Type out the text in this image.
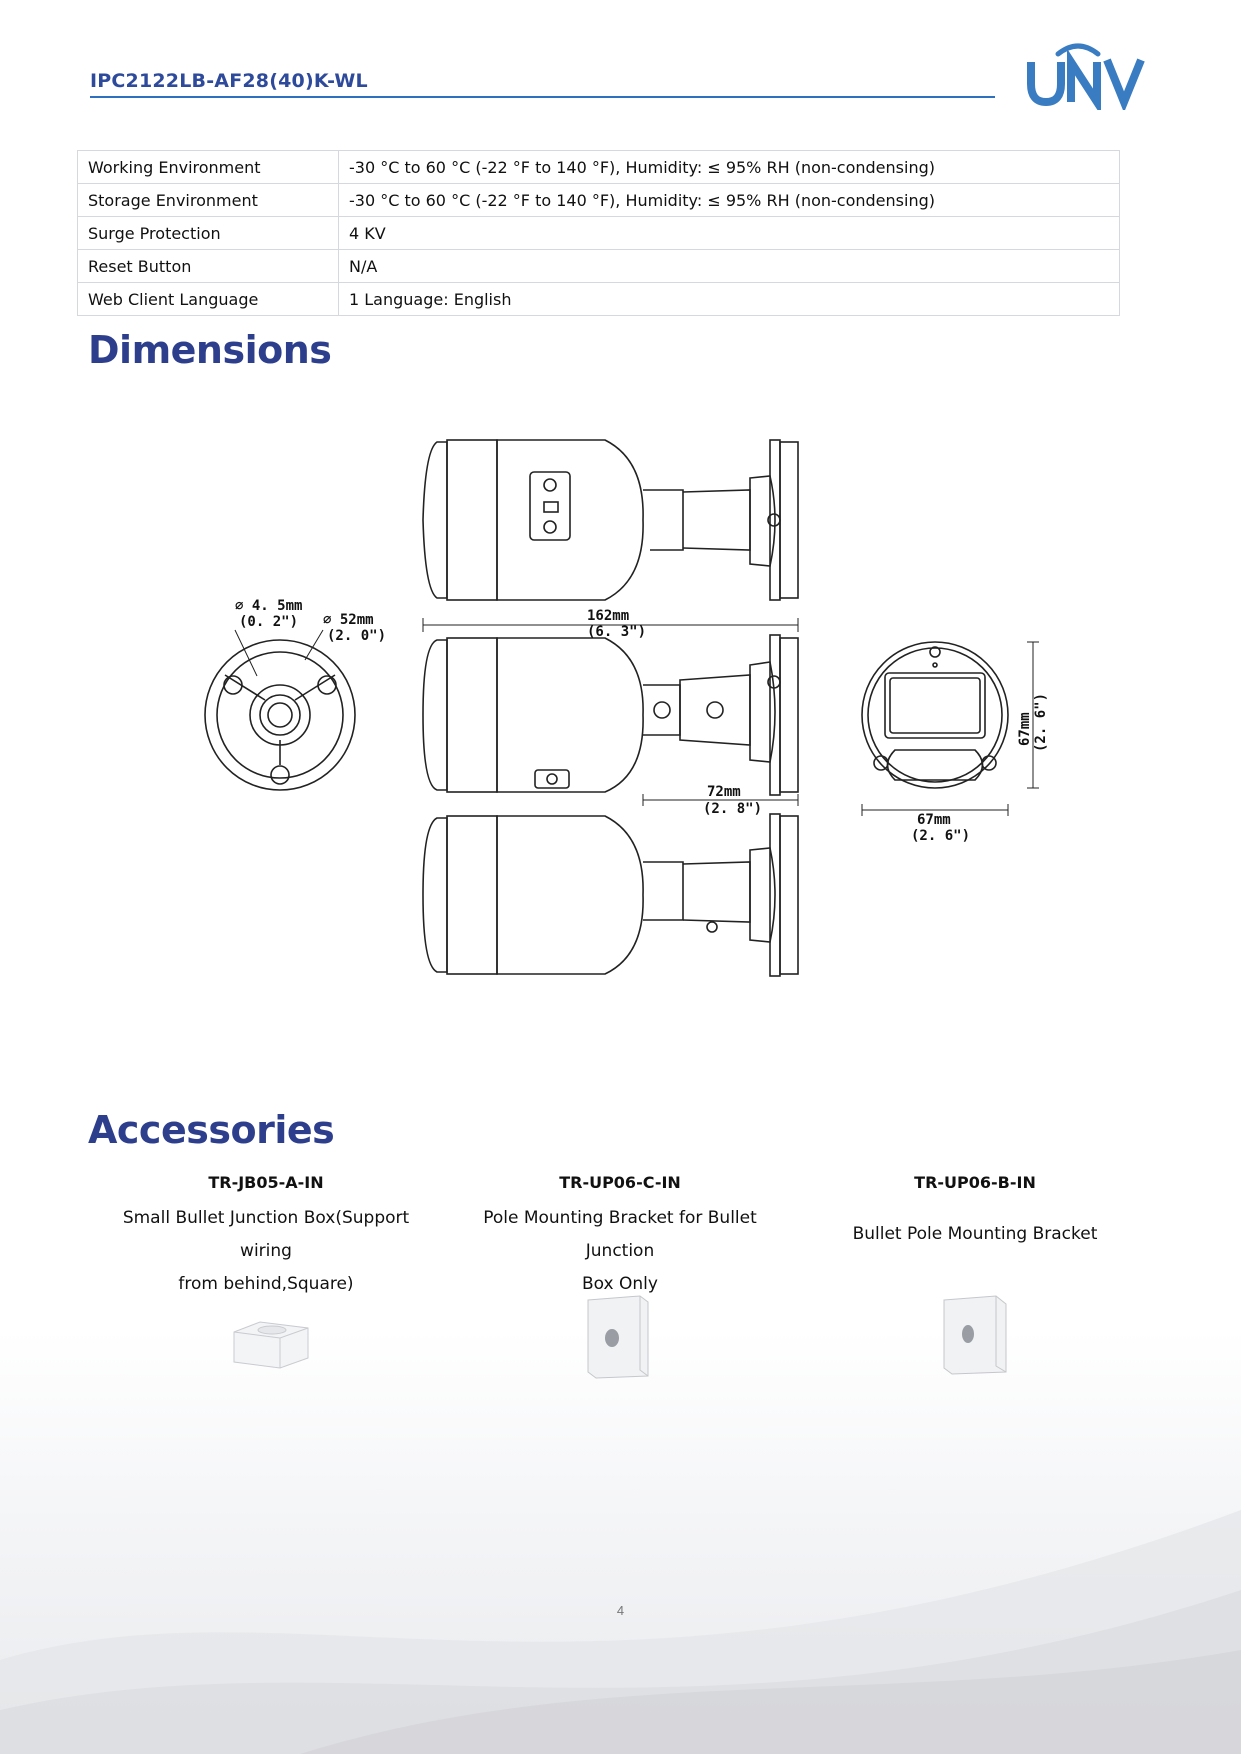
IPC2122LB-AF28(40)K-WL
Working Environment	-30 °C to 60 °C (-22 °F to 140 °F), Humidity: ≤ 95% RH (non-condensing)
Storage Environment	-30 °C to 60 °C (-22 °F to 140 °F), Humidity: ≤ 95% RH (non-condensing)
Surge Protection	4 KV
Reset Button	N/A
Web Client Language	1 Language: English
Dimensions
∅ 4. 5mm
(0. 2") ∅ 52mm
(2. 0")
162mm
(6. 3")
72mm
(2. 8")
67mm
(2. 6")
67mm (2. 6")
Accessories
TR-JB05-A-IN
Small Bullet Junction Box(Support wiring
from behind,Square)
TR-UP06-C-IN
Pole Mounting Bracket for Bullet Junction
Box Only
TR-UP06-B-IN
Bullet Pole Mounting Bracket
4
